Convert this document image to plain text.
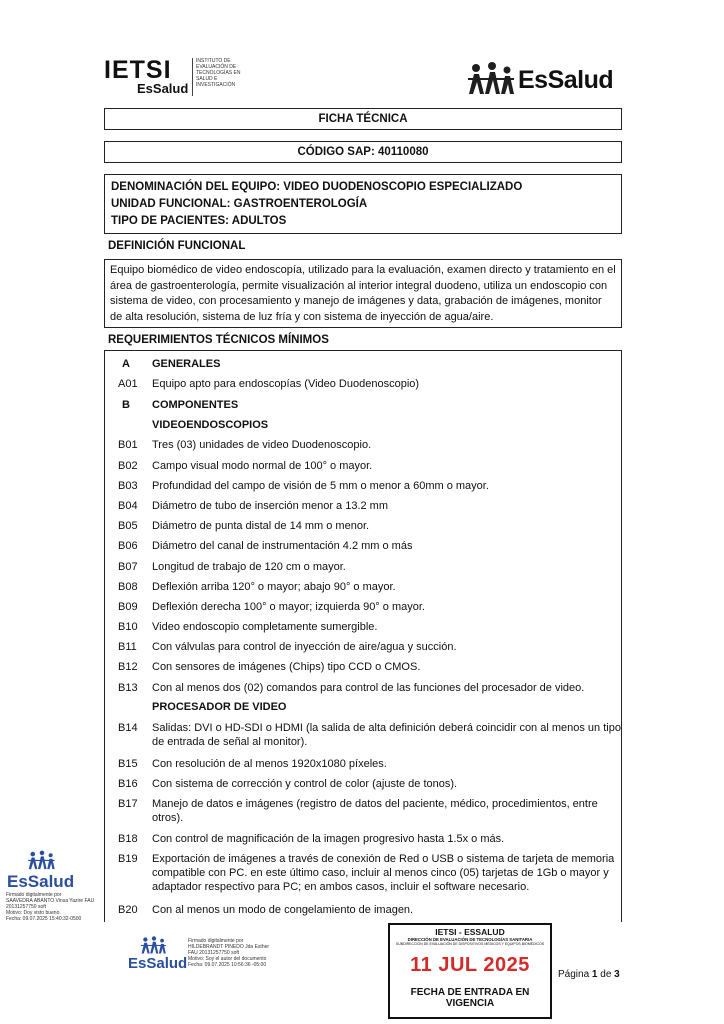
IETSI
EsSalud
INSTITUTO DE
EVALUACIÓN DE
TECNOLOGÍAS EN
SALUD E
INVESTIGACIÓN	EsSalud
FICHA TÉCNICA
CÓDIGO SAP: 40110080
DENOMINACIÓN DEL EQUIPO: VIDEO DUODENOSCOPIO ESPECIALIZADO
UNIDAD FUNCIONAL: GASTROENTEROLOGÍA
TIPO DE PACIENTES: ADULTOS
DEFINICIÓN FUNCIONAL
Equipo biomédico de video endoscopía, utilizado para la evaluación, examen directo y tratamiento en el área de gastroenterología, permite visualización al interior integral duodeno, utiliza un endoscopio con sistema de video, con procesamiento y manejo de imágenes y data, grabación de imágenes, monitor de alta resolución, sistema de luz fría y con sistema de inyección de agua/aire.
REQUERIMIENTOS TÉCNICOS MÍNIMOS
A	GENERALES
A01	Equipo apto para endoscopías (Video Duodenoscopio)
B	COMPONENTES
VIDEOENDOSCOPIOS
B01	Tres (03) unidades de video Duodenoscopio.
B02	Campo visual modo normal de 100° o mayor.
B03	Profundidad del campo de visión de 5 mm o menor a 60mm o mayor.
B04	Diámetro de tubo de inserción menor a 13.2 mm
B05	Diámetro de punta distal de 14 mm o menor.
B06	Diámetro del canal de instrumentación 4.2 mm o más
B07	Longitud de trabajo de 120 cm o mayor.
B08	Deflexión arriba 120° o mayor; abajo 90° o mayor.
B09	Deflexión derecha 100° o mayor; izquierda 90° o mayor.
B10	Video endoscopio completamente sumergible.
B11	Con válvulas para control de inyección de aire/agua y succión.
B12	Con sensores de imágenes (Chips) tipo CCD o CMOS.
B13	Con al menos dos (02) comandos para control de las funciones del procesador de video.
PROCESADOR DE VIDEO
B14	Salidas: DVI o HD-SDI o HDMI (la salida de alta definición deberá coincidir con al menos un tipo de entrada de señal al monitor).
B15	Con resolución de al menos 1920x1080 píxeles.
B16	Con sistema de corrección y control de color (ajuste de tonos).
B17	Manejo de datos e imágenes (registro de datos del paciente, médico, procedimientos, entre otros).
B18	Con control de magnificación de la imagen progresivo hasta 1.5x o más.
B19	Exportación de imágenes a través de conexión de Red o USB o sistema de tarjeta de memoria compatible con PC. en este último caso, incluir al menos cinco (05) tarjetas de 1Gb o mayor y adaptador respectivo para PC; en ambos casos, incluir el software necesario.
B20	Con al menos un modo de congelamiento de imagen.
EsSalud
Firmado digitalmente por
SAAVEDRA ABANTO Vinsa Yazire FAU
20131257750 soft
Motivo: Doy visto bueno.
Fecha: 09.07.2025 15:40:32-0500
EsSalud
Firmado digitalmente por
HILDEBRANDT PINEDO Jda Esther
FAU 20131257750 soft
Motivo: Soy el autor del documento
Fecha: 09.07.2025 10:56:36 -05:00
IETSI - ESSALUD
DIRECCIÓN DE EVALUACIÓN DE TECNOLOGÍAS SANITARIA
SUBDIRECCIÓN DE EVALUACIÓN DE DISPOSITIVOS MÉDICOS Y EQUIPOS BIOMÉDICOS
11 JUL 2025
FECHA DE ENTRADA EN VIGENCIA
Página 1 de 3
